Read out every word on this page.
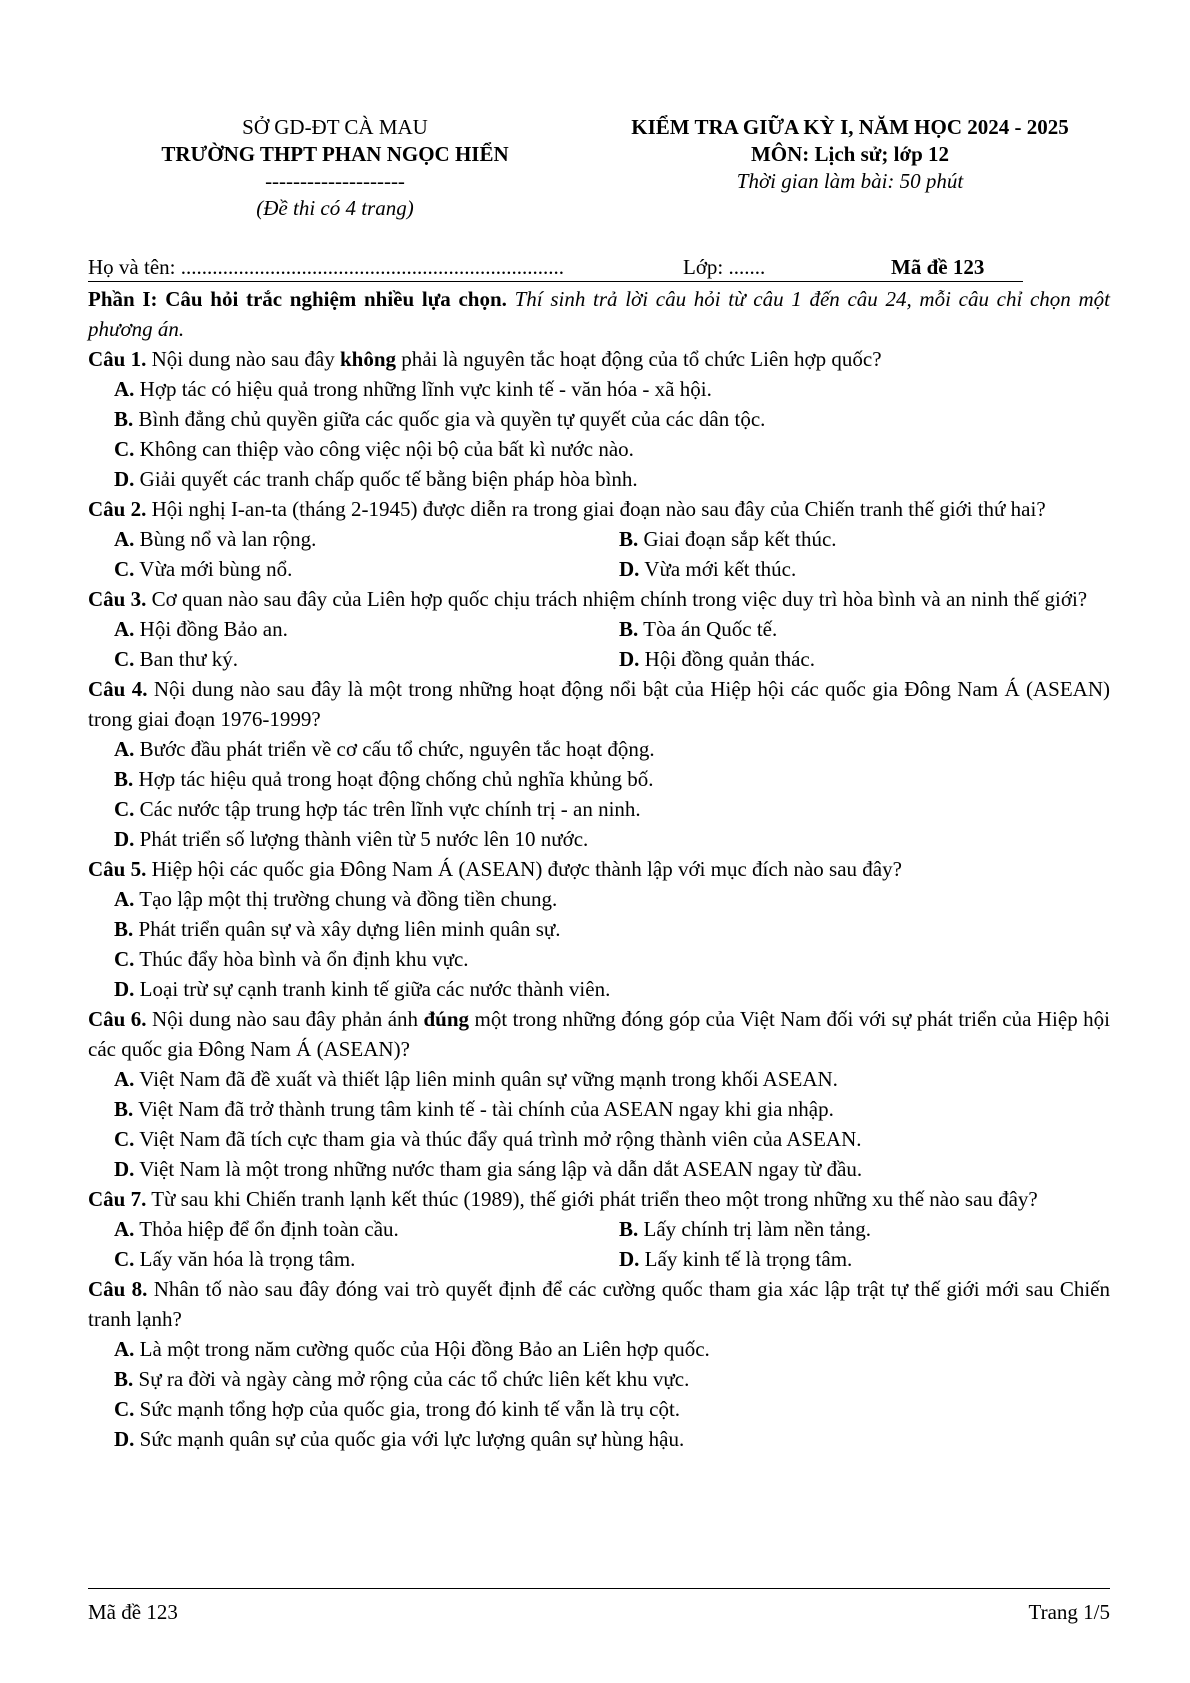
SỞ GD-ĐT CÀ MAU
TRƯỜNG THPT PHAN NGỌC HIỂN
--------------------
(Đề thi có 4 trang)
KIỂM TRA GIỮA KỲ I, NĂM HỌC 2024 - 2025
MÔN: Lịch sử; lớp 12
Thời gian làm bài: 50 phút
Họ và tên: .........................................................................	Lớp: .......	Mã đề 123

Phần I: Câu hỏi trắc nghiệm nhiều lựa chọn. Thí sinh trả lời câu hỏi từ câu 1 đến câu 24, mỗi câu chỉ chọn một phương án.

Câu 1. Nội dung nào sau đây không phải là nguyên tắc hoạt động của tổ chức Liên hợp quốc?

A. Hợp tác có hiệu quả trong những lĩnh vực kinh tế - văn hóa - xã hội.

B. Bình đẳng chủ quyền giữa các quốc gia và quyền tự quyết của các dân tộc.

C. Không can thiệp vào công việc nội bộ của bất kì nước nào.

D. Giải quyết các tranh chấp quốc tế bằng biện pháp hòa bình.

Câu 2. Hội nghị I-an-ta (tháng 2-1945) được diễn ra trong giai đoạn nào sau đây của Chiến tranh thế giới thứ hai?

A. Bùng nổ và lan rộng.	B. Giai đoạn sắp kết thúc.
C. Vừa mới bùng nổ.	D. Vừa mới kết thúc.

Câu 3. Cơ quan nào sau đây của Liên hợp quốc chịu trách nhiệm chính trong việc duy trì hòa bình và an ninh thế giới?

A. Hội đồng Bảo an.	B. Tòa án Quốc tế.
C. Ban thư ký.	D. Hội đồng quản thác.

Câu 4. Nội dung nào sau đây là một trong những hoạt động nổi bật của Hiệp hội các quốc gia Đông Nam Á (ASEAN) trong giai đoạn 1976-1999?

A. Bước đầu phát triển về cơ cấu tổ chức, nguyên tắc hoạt động.

B. Hợp tác hiệu quả trong hoạt động chống chủ nghĩa khủng bố.

C. Các nước tập trung hợp tác trên lĩnh vực chính trị - an ninh.

D. Phát triển số lượng thành viên từ 5 nước lên 10 nước.

Câu 5. Hiệp hội các quốc gia Đông Nam Á (ASEAN) được thành lập với mục đích nào sau đây?

A. Tạo lập một thị trường chung và đồng tiền chung.

B. Phát triển quân sự và xây dựng liên minh quân sự.

C. Thúc đẩy hòa bình và ổn định khu vực.

D. Loại trừ sự cạnh tranh kinh tế giữa các nước thành viên.

Câu 6. Nội dung nào sau đây phản ánh đúng một trong những đóng góp của Việt Nam đối với sự phát triển của Hiệp hội các quốc gia Đông Nam Á (ASEAN)?

A. Việt Nam đã đề xuất và thiết lập liên minh quân sự vững mạnh trong khối ASEAN.

B. Việt Nam đã trở thành trung tâm kinh tế - tài chính của ASEAN ngay khi gia nhập.

C. Việt Nam đã tích cực tham gia và thúc đẩy quá trình mở rộng thành viên của ASEAN.

D. Việt Nam là một trong những nước tham gia sáng lập và dẫn dắt ASEAN ngay từ đầu.

Câu 7. Từ sau khi Chiến tranh lạnh kết thúc (1989), thế giới phát triển theo một trong những xu thế nào sau đây?

A. Thỏa hiệp để ổn định toàn cầu.	B. Lấy chính trị làm nền tảng.
C. Lấy văn hóa là trọng tâm.	D. Lấy kinh tế là trọng tâm.

Câu 8. Nhân tố nào sau đây đóng vai trò quyết định để các cường quốc tham gia xác lập trật tự thế giới mới sau Chiến tranh lạnh?

A. Là một trong năm cường quốc của Hội đồng Bảo an Liên hợp quốc.

B. Sự ra đời và ngày càng mở rộng của các tổ chức liên kết khu vực.

C. Sức mạnh tổng hợp của quốc gia, trong đó kinh tế vẫn là trụ cột.

D. Sức mạnh quân sự của quốc gia với lực lượng quân sự hùng hậu.

Mã đề 123	Trang 1/5
